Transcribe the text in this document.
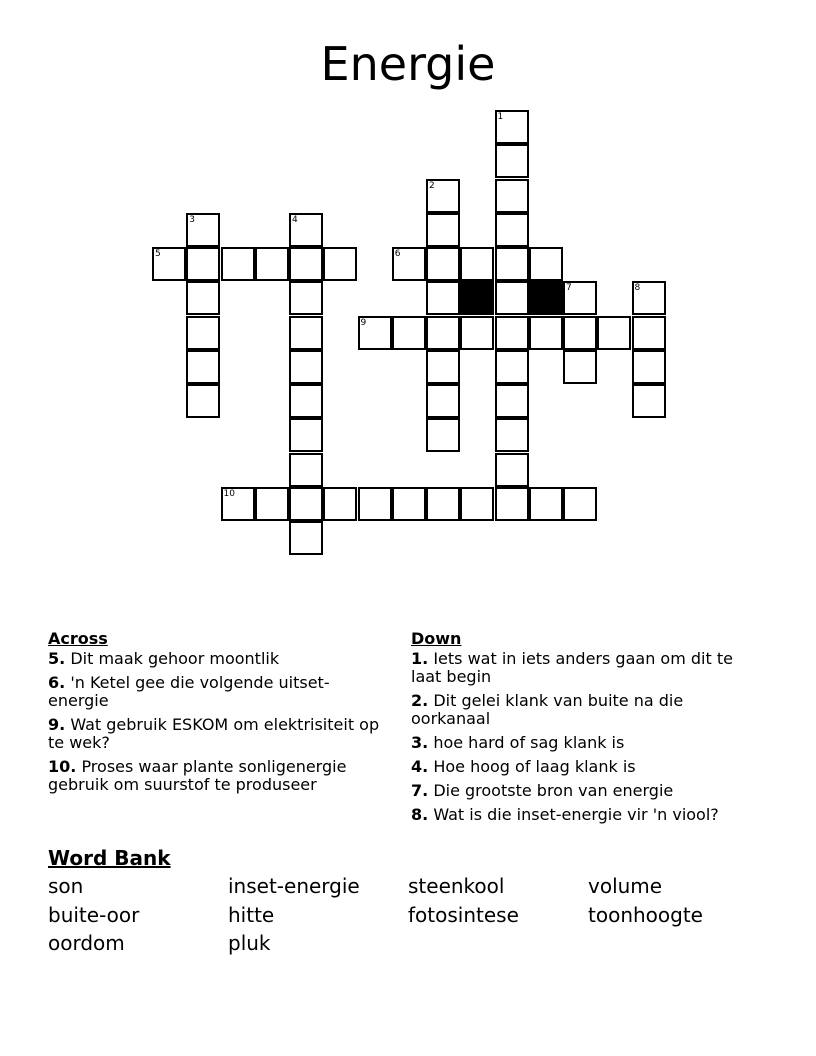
Energie
5	6
9
10
1
2
3	4
7	8
Across
5. Dit maak gehoor moontlik
6. 'n Ketel gee die volgende uitset-energie
9. Wat gebruik ESKOM om elektrisiteit op te wek?
10. Proses waar plante sonligenergie gebruik om suurstof te produseer
Down
1. Iets wat in iets anders gaan om dit te laat begin
2. Dit gelei klank van buite na die oorkanaal
3. hoe hard of sag klank is
4. Hoe hoog of laag klank is
7. Die grootste bron van energie
8. Wat is die inset-energie vir 'n viool?
Word Bank
son	inset-energie	steenkool	volume
buite-oor	hitte	fotosintese	toonhoogte
oordom	pluk
